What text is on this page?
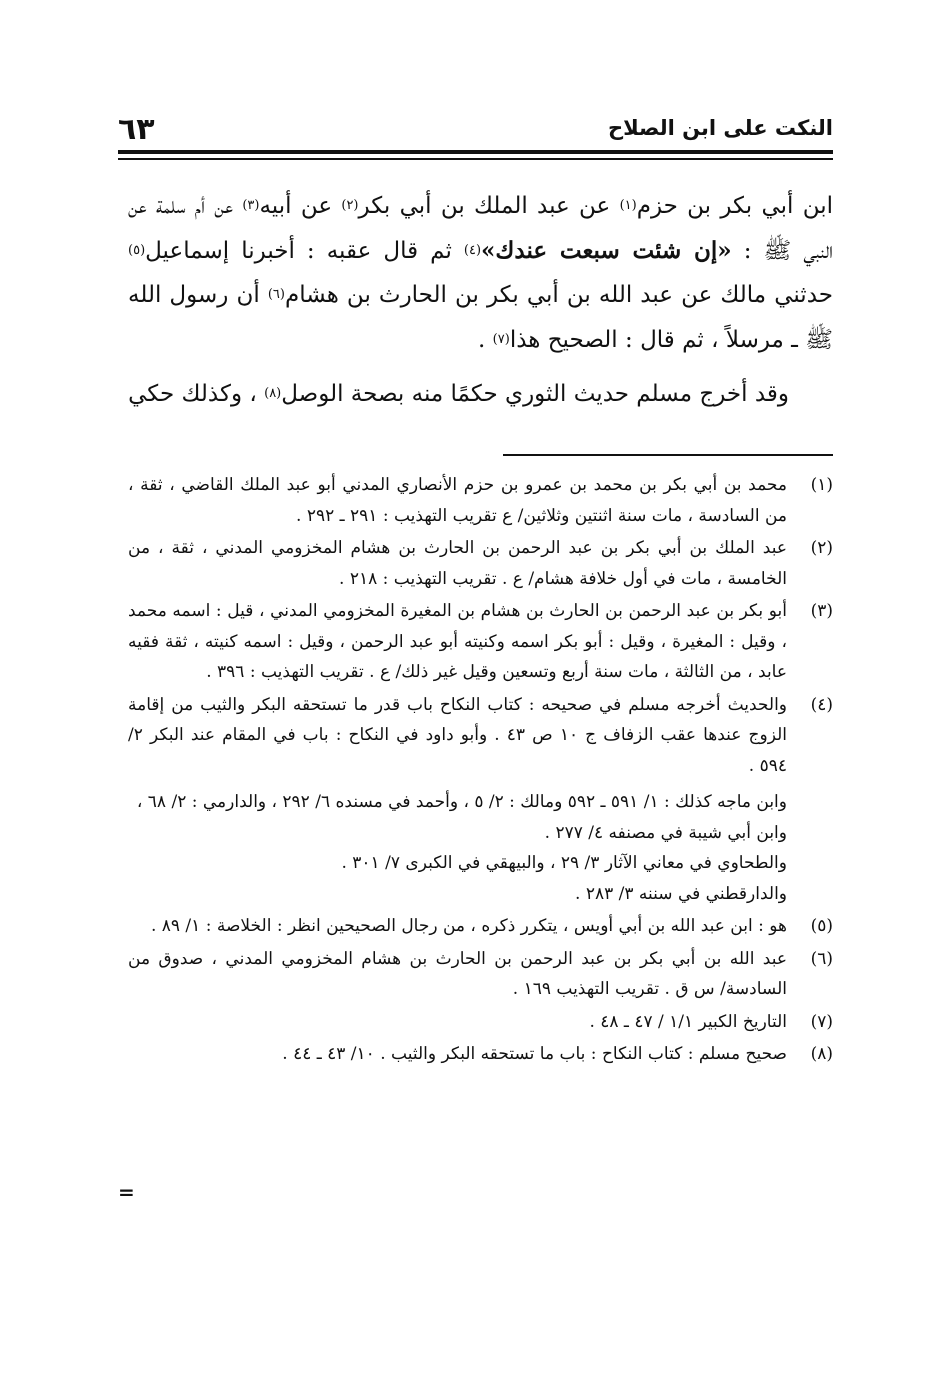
النكت على ابن الصلاح
٦٣

ابن أبي بكر بن حزم$^{(١)}$ عن عبد الملك بن أبي بكر$^{(٢)}$ عن أبيه$^{(٣)}$ عن أم سلمة عن النبي ﷺ : «إن شئت سبعت عندك»$^{(٤)}$ ثم قال عقبه : أخبرنا إسماعيل$^{(٥)}$ حدثني مالك عن عبد الله بن أبي بكر بن الحارث بن هشام$^{(٦)}$ أن رسول الله ﷺ ـ مرسلاً ، ثم قال : الصحيح هذا$^{(٧)}$ .

وقد أخرج مسلم حديث الثوري حكمًا منه بصحة الوصل$^{(٨)}$ ، وكذلك حكي

(١)
محمد بن أبي بكر بن محمد بن عمرو بن حزم الأنصاري المدني أبو عبد الملك القاضي ، ثقة ، من السادسة ، مات سنة اثنتين وثلاثين/ ع تقريب التهذيب : ٢٩١ ـ ٢٩٢ .
(٢)
عبد الملك بن أبي بكر بن عبد الرحمن بن الحارث بن هشام المخزومي المدني ، ثقة ، من الخامسة ، مات في أول خلافة هشام/ ع . تقريب التهذيب : ٢١٨ .
(٣)
أبو بكر بن عبد الرحمن بن الحارث بن هشام بن المغيرة المخزومي المدني ، قيل : اسمه محمد ، وقيل : المغيرة ، وقيل : أبو بكر اسمه وكنيته أبو عبد الرحمن ، وقيل : اسمه كنيته ، ثقة فقيه عابد ، من الثالثة ، مات سنة أربع وتسعين وقيل غير ذلك/ ع . تقريب التهذيب : ٣٩٦ .
(٤)
والحديث أخرجه مسلم في صحيحه : كتاب النكاح باب قدر ما تستحقه البكر والثيب من إقامة الزوج عندها عقب الزفاف ج ١٠ ص ٤٣ . وأبو داود في النكاح : باب في المقام عند البكر ٢/ ٥٩٤ .
وابن ماجه كذلك : ١/ ٥٩١ ـ ٥٩٢ ومالك : ٢/ ٥ ، وأحمد في مسنده ٦/ ٢٩٢ ، والدارمي : ٢/ ٦٨ ، وابن أبي شيبة في مصنفه ٤/ ٢٧٧ .
والطحاوي في معاني الآثار ٣/ ٢٩ ، والبيهقي في الكبرى ٧/ ٣٠١ .
والدارقطني في سننه ٣/ ٢٨٣ .
(٥)
هو : ابن عبد الله بن أبي أويس ، يتكرر ذكره ، من رجال الصحيحين انظر : الخلاصة : ١/ ٨٩ .
(٦)
عبد الله بن أبي بكر بن عبد الرحمن بن الحارث بن هشام المخزومي المدني ، صدوق من السادسة/ س ق . تقريب التهذيب ١٦٩ .
(٧)
التاريخ الكبير ١/١ / ٤٧ ـ ٤٨ .
(٨)
صحيح مسلم : كتاب النكاح : باب ما تستحقه البكر والثيب . ١٠/ ٤٣ ـ ٤٤ .
=
